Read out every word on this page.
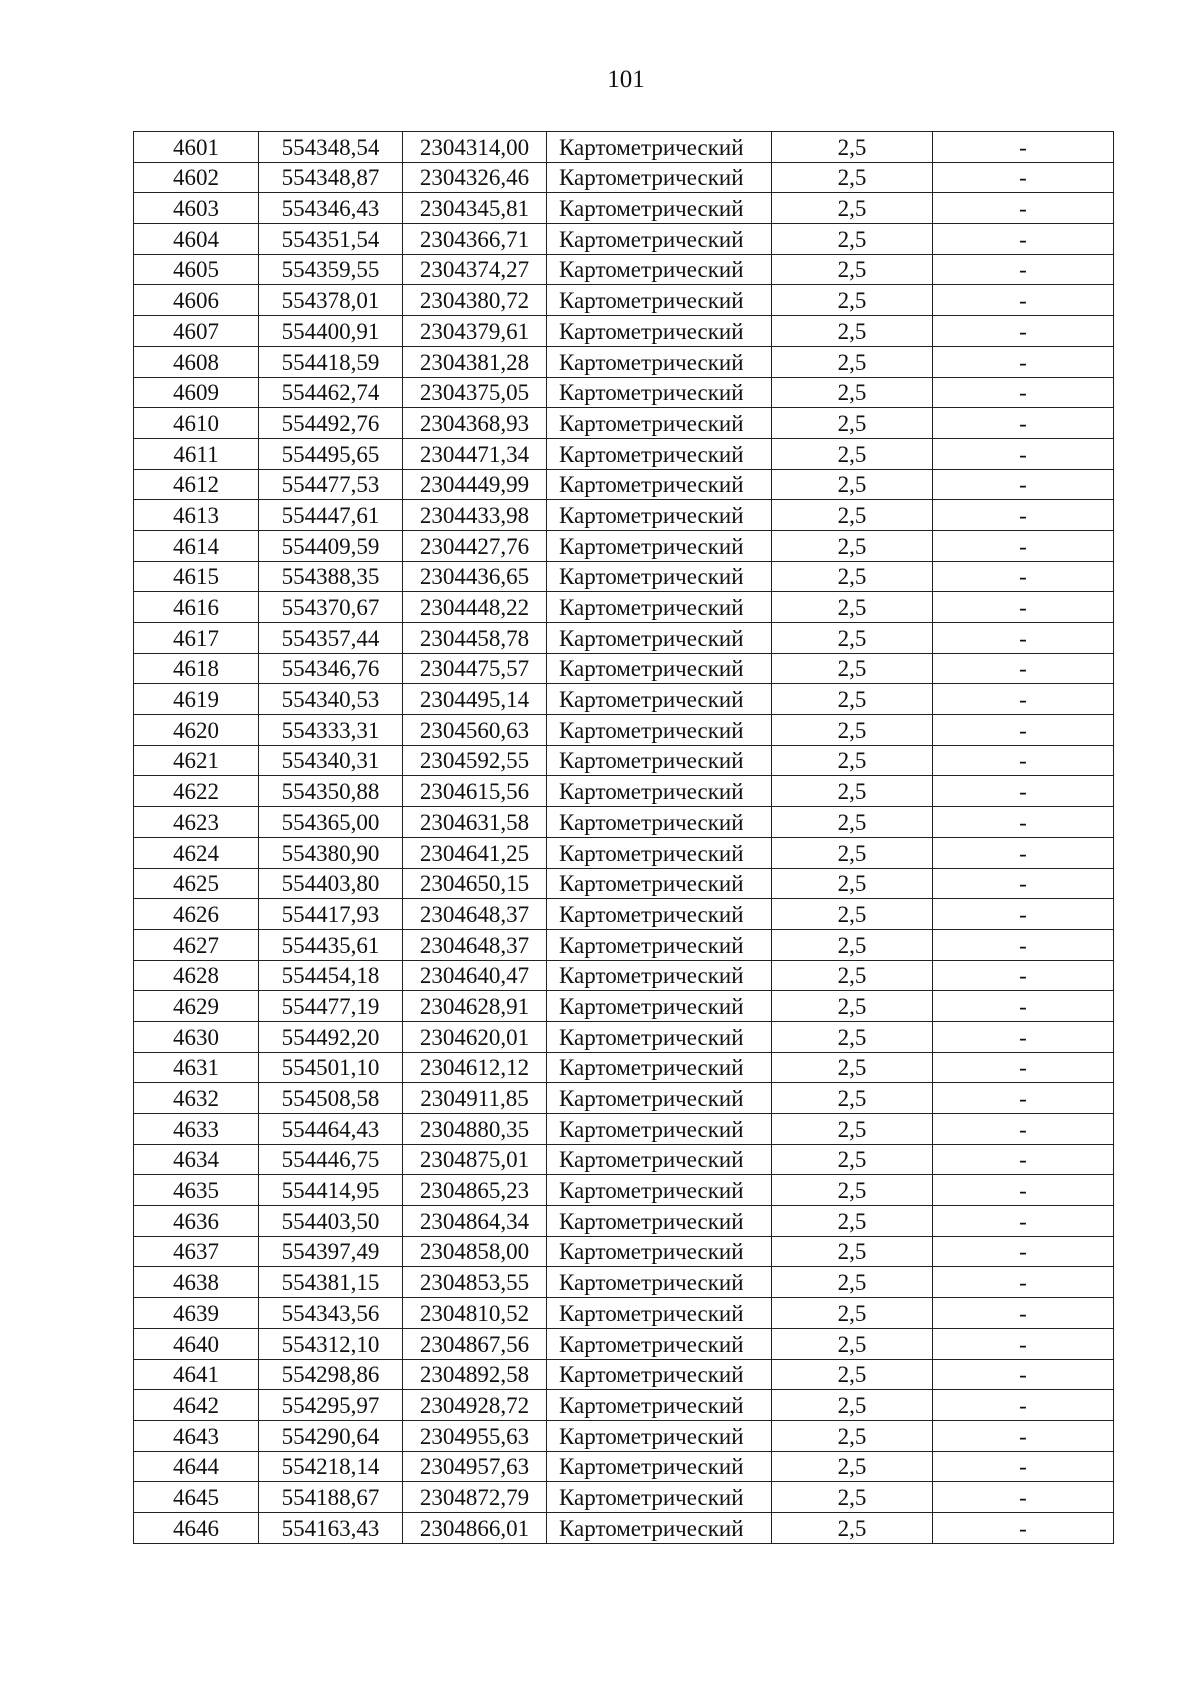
101
4601	554348,54	2304314,00	Картометрический	2,5	-
4602	554348,87	2304326,46	Картометрический	2,5	-
4603	554346,43	2304345,81	Картометрический	2,5	-
4604	554351,54	2304366,71	Картометрический	2,5	-
4605	554359,55	2304374,27	Картометрический	2,5	-
4606	554378,01	2304380,72	Картометрический	2,5	-
4607	554400,91	2304379,61	Картометрический	2,5	-
4608	554418,59	2304381,28	Картометрический	2,5	-
4609	554462,74	2304375,05	Картометрический	2,5	-
4610	554492,76	2304368,93	Картометрический	2,5	-
4611	554495,65	2304471,34	Картометрический	2,5	-
4612	554477,53	2304449,99	Картометрический	2,5	-
4613	554447,61	2304433,98	Картометрический	2,5	-
4614	554409,59	2304427,76	Картометрический	2,5	-
4615	554388,35	2304436,65	Картометрический	2,5	-
4616	554370,67	2304448,22	Картометрический	2,5	-
4617	554357,44	2304458,78	Картометрический	2,5	-
4618	554346,76	2304475,57	Картометрический	2,5	-
4619	554340,53	2304495,14	Картометрический	2,5	-
4620	554333,31	2304560,63	Картометрический	2,5	-
4621	554340,31	2304592,55	Картометрический	2,5	-
4622	554350,88	2304615,56	Картометрический	2,5	-
4623	554365,00	2304631,58	Картометрический	2,5	-
4624	554380,90	2304641,25	Картометрический	2,5	-
4625	554403,80	2304650,15	Картометрический	2,5	-
4626	554417,93	2304648,37	Картометрический	2,5	-
4627	554435,61	2304648,37	Картометрический	2,5	-
4628	554454,18	2304640,47	Картометрический	2,5	-
4629	554477,19	2304628,91	Картометрический	2,5	-
4630	554492,20	2304620,01	Картометрический	2,5	-
4631	554501,10	2304612,12	Картометрический	2,5	-
4632	554508,58	2304911,85	Картометрический	2,5	-
4633	554464,43	2304880,35	Картометрический	2,5	-
4634	554446,75	2304875,01	Картометрический	2,5	-
4635	554414,95	2304865,23	Картометрический	2,5	-
4636	554403,50	2304864,34	Картометрический	2,5	-
4637	554397,49	2304858,00	Картометрический	2,5	-
4638	554381,15	2304853,55	Картометрический	2,5	-
4639	554343,56	2304810,52	Картометрический	2,5	-
4640	554312,10	2304867,56	Картометрический	2,5	-
4641	554298,86	2304892,58	Картометрический	2,5	-
4642	554295,97	2304928,72	Картометрический	2,5	-
4643	554290,64	2304955,63	Картометрический	2,5	-
4644	554218,14	2304957,63	Картометрический	2,5	-
4645	554188,67	2304872,79	Картометрический	2,5	-
4646	554163,43	2304866,01	Картометрический	2,5	-
